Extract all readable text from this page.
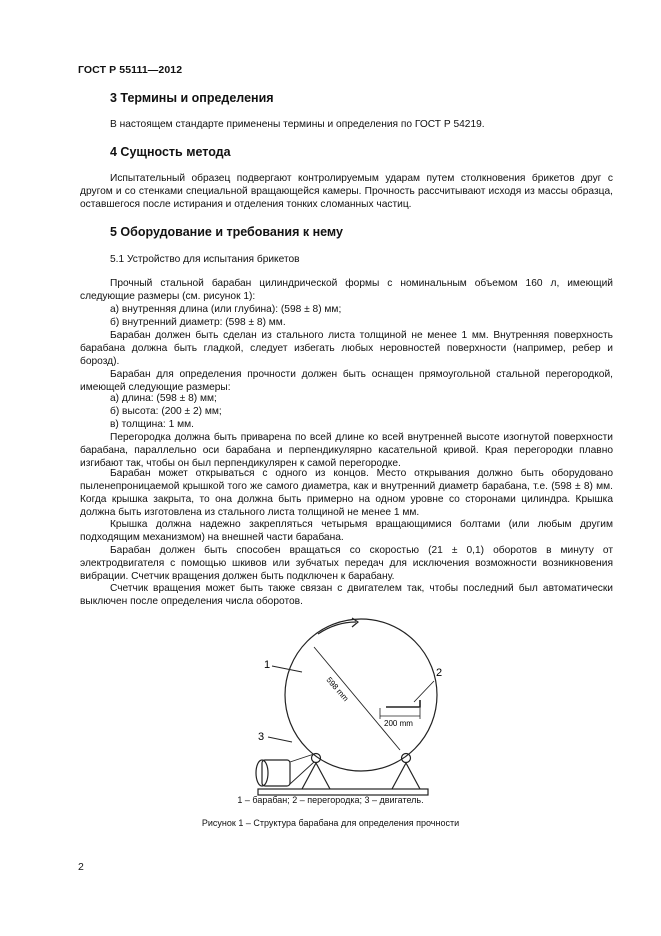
ГОСТ Р 55111—2012
3 Термины и определения
В настоящем стандарте применены термины и определения по ГОСТ Р 54219.
4 Сущность метода
Испытательный образец подвергают контролируемым ударам путем столкновения брикетов друг с другом и со стенками специальной вращающейся камеры. Прочность рассчитывают исходя из массы образца, оставшегося после истирания и отделения тонких сломанных частиц.
5 Оборудование и требования к нему
5.1 Устройство для испытания брикетов
Прочный стальной барабан цилиндрической формы с номинальным объемом 160 л, имеющий следующие размеры (см. рисунок 1):
а) внутренняя длина (или глубина): (598 ± 8) мм;
б) внутренний диаметр: (598 ± 8) мм.
Барабан должен быть сделан из стального листа толщиной не менее 1 мм. Внутренняя поверхность барабана должна быть гладкой, следует избегать любых неровностей поверхности (например, ребер и борозд).
Барабан для определения прочности должен быть оснащен прямоугольной стальной перегородкой, имеющей следующие размеры:
а) длина: (598 ± 8) мм;
б) высота: (200 ± 2) мм;
в) толщина: 1 мм.
Перегородка должна быть приварена по всей длине ко всей внутренней высоте изогнутой поверхности барабана, параллельно оси барабана и перпендикулярно касательной кривой. Края перегородки плавно изгибают так, чтобы он был перпендикулярен к самой перегородке.
Барабан может открываться с одного из концов. Место открывания должно быть оборудовано пыленепроницаемой крышкой того же самого диаметра, как и внутренний диаметр барабана, т.е. (598 ± 8) мм. Когда крышка закрыта, то она должна быть примерно на одном уровне со сторонами цилиндра. Крышка должна быть изготовлена из стального листа толщиной не менее 1 мм.
Крышка должна надежно закрепляться четырьмя вращающимися болтами (или любым другим подходящим механизмом) на внешней части барабана.
Барабан должен быть способен вращаться со скоростью (21 ± 0,1) оборотов в минуту от электродвигателя с помощью шкивов или зубчатых передач для исключения возможности возникновения вибрации. Счетчик вращения должен быть подключен к барабану.
Счетчик вращения может быть также связан с двигателем так, чтобы последний был автоматически выключен после определения числа оборотов.
1
2
3
598 mm
200 mm
1 – барабан; 2 – перегородка; 3 – двигатель.
Рисунок 1 – Структура барабана для определения прочности
2
